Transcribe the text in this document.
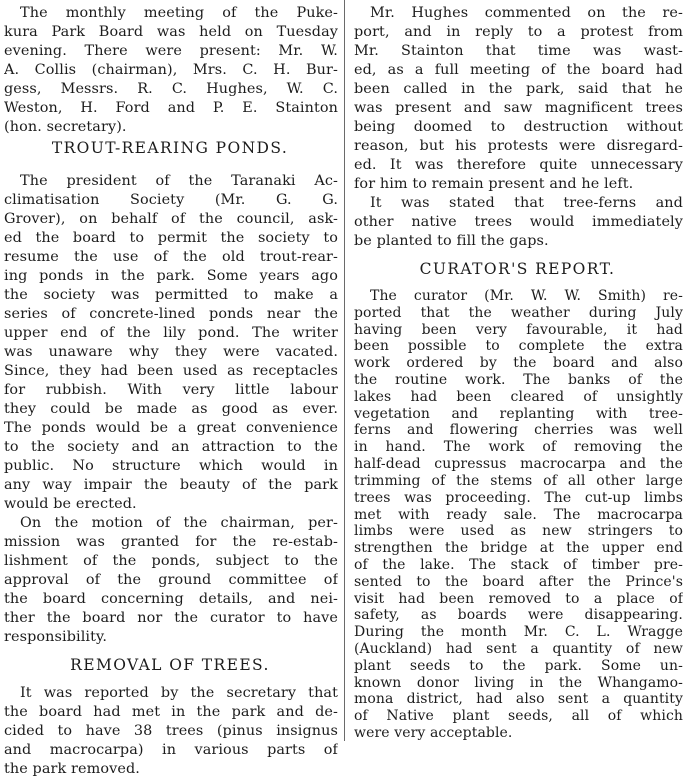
The monthly meeting of the Puke-
kura Park Board was held on Tuesday
evening. There were present: Mr. W.
A. Collis (chairman), Mrs. C. H. Bur-
gess, Messrs. R. C. Hughes, W. C.
Weston, H. Ford and P. E. Stainton
(hon. secretary).
TROUT-REARING PONDS.
The president of the Taranaki Ac-
climatisation Society (Mr. G. G.
Grover), on behalf of the council, ask-
ed the board to permit the society to
resume the use of the old trout-rear-
ing ponds in the park. Some years ago
the society was permitted to make a
series of concrete-lined ponds near the
upper end of the lily pond. The writer
was unaware why they were vacated.
Since, they had been used as receptacles
for rubbish. With very little labour
they could be made as good as ever.
The ponds would be a great convenience
to the society and an attraction to the
public. No structure which would in
any way impair the beauty of the park
would be erected.
On the motion of the chairman, per-
mission was granted for the re-estab-
lishment of the ponds, subject to the
approval of the ground committee of
the board concerning details, and nei-
ther the board nor the curator to have
responsibility.
REMOVAL OF TREES.
It was reported by the secretary that
the board had met in the park and de-
cided to have 38 trees (pinus insignus
and macrocarpa) in various parts of
the park removed.
Mr. Hughes commented on the re-
port, and in reply to a protest from
Mr. Stainton that time was wast-
ed, as a full meeting of the board had
been called in the park, said that he
was present and saw magnificent trees
being doomed to destruction without
reason, but his protests were disregard-
ed. It was therefore quite unnecessary
for him to remain present and he left.
It was stated that tree-ferns and
other native trees would immediately
be planted to fill the gaps.
CURATOR'S REPORT.
The curator (Mr. W. W. Smith) re-
ported that the weather during July
having been very favourable, it had
been possible to complete the extra
work ordered by the board and also
the routine work. The banks of the
lakes had been cleared of unsightly
vegetation and replanting with tree-
ferns and flowering cherries was well
in hand. The work of removing the
half-dead cupressus macrocarpa and the
trimming of the stems of all other large
trees was proceeding. The cut-up limbs
met with ready sale. The macrocarpa
limbs were used as new stringers to
strengthen the bridge at the upper end
of the lake. The stack of timber pre-
sented to the board after the Prince's
visit had been removed to a place of
safety, as boards were disappearing.
During the month Mr. C. L. Wragge
(Auckland) had sent a quantity of new
plant seeds to the park. Some un-
known donor living in the Whangamo-
mona district, had also sent a quantity
of Native plant seeds, all of which
were very acceptable.
